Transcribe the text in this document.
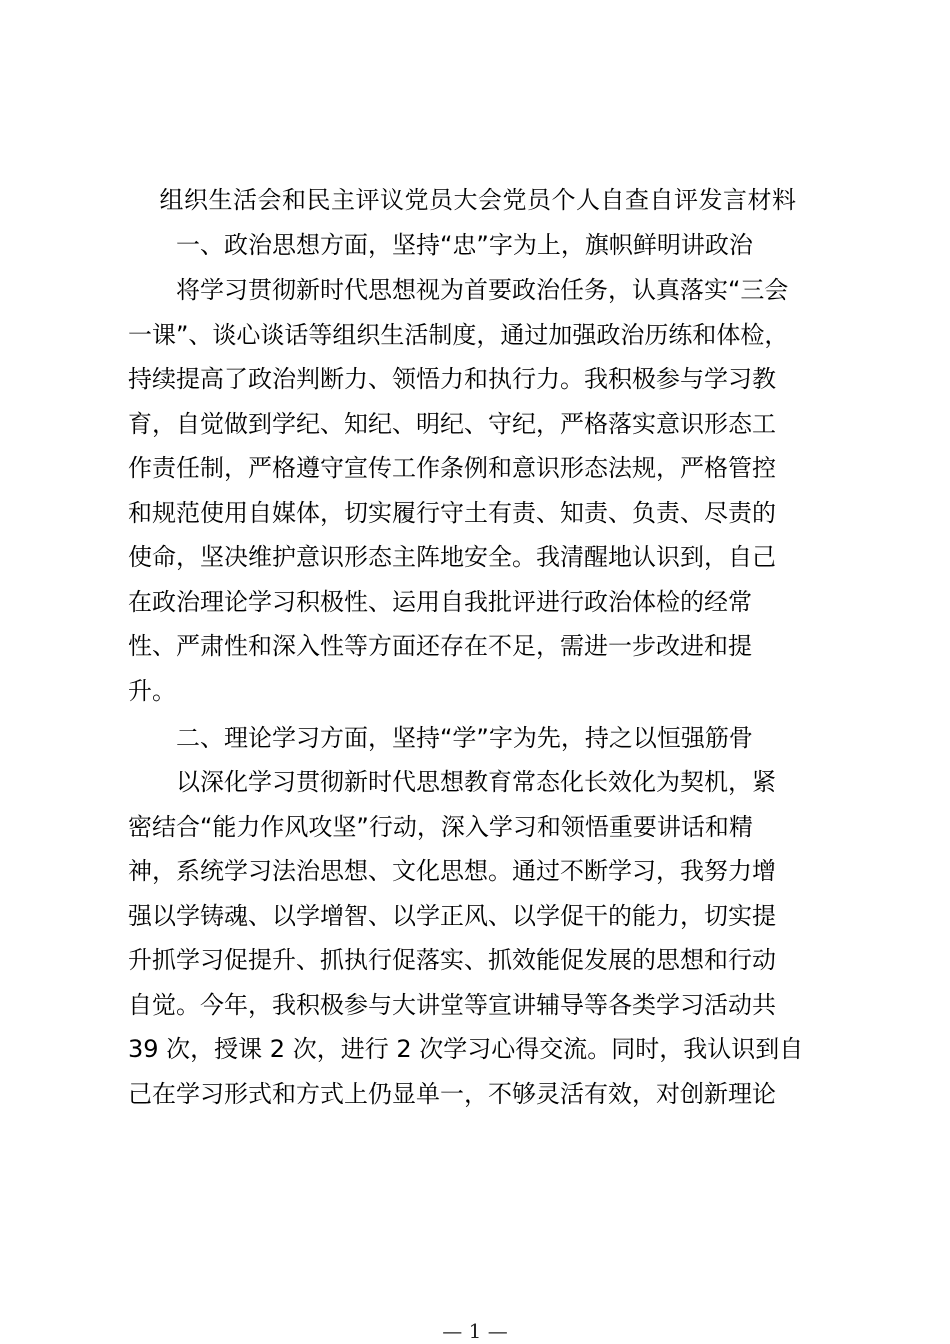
组织生活会和民主评议党员大会党员个人自查自评发言材料
一、政治思想方面，坚持“忠”字为上，旗帜鲜明讲政治
将学习贯彻新时代思想视为首要政治任务，认真落实“三会
一课”、谈心谈话等组织生活制度，通过加强政治历练和体检，
持续提高了政治判断力、领悟力和执行力。我积极参与学习教
育，自觉做到学纪、知纪、明纪、守纪，严格落实意识形态工
作责任制，严格遵守宣传工作条例和意识形态法规，严格管控
和规范使用自媒体，切实履行守土有责、知责、负责、尽责的
使命，坚决维护意识形态主阵地安全。我清醒地认识到，自己
在政治理论学习积极性、运用自我批评进行政治体检的经常
性、严肃性和深入性等方面还存在不足，需进一步改进和提
升。
二、理论学习方面，坚持“学”字为先，持之以恒强筋骨
以深化学习贯彻新时代思想教育常态化长效化为契机，紧
密结合“能力作风攻坚”行动，深入学习和领悟重要讲话和精
神，系统学习法治思想、文化思想。通过不断学习，我努力增
强以学铸魂、以学增智、以学正风、以学促干的能力，切实提
升抓学习促提升、抓执行促落实、抓效能促发展的思想和行动
自觉。今年，我积极参与大讲堂等宣讲辅导等各类学习活动共
39 次，授课 2 次，进行 2 次学习心得交流。同时，我认识到自
己在学习形式和方式上仍显单一，不够灵活有效，对创新理论
— 1 —
